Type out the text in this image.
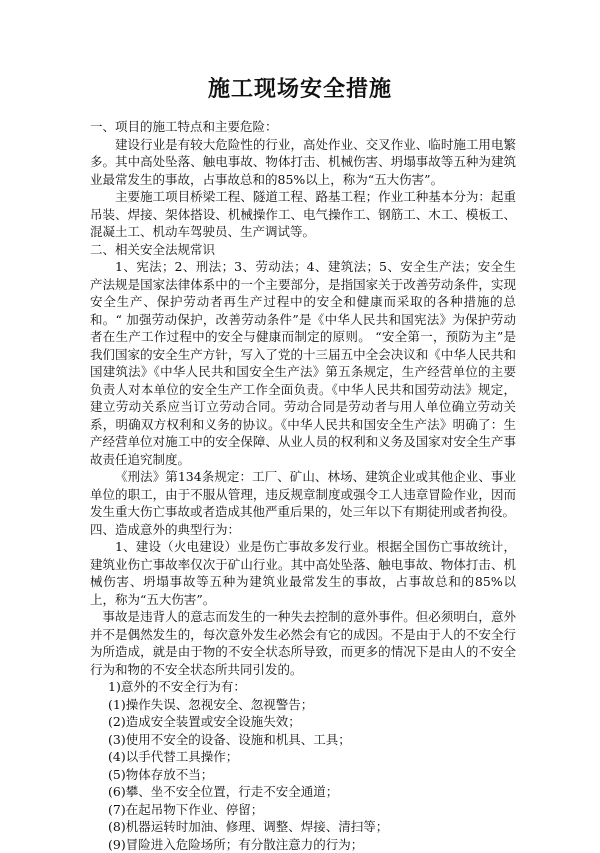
施工现场安全措施

一、项目的施工特点和主要危险：

建设行业是有较大危险性的行业，高处作业、交叉作业、临时施工用电繁多。其中高处坠落、触电事故、物体打击、机械伤害、坍塌事故等五种为建筑业最常发生的事故，占事故总和的85%以上，称为“五大伤害”。

主要施工项目桥梁工程、隧道工程、路基工程；作业工种基本分为：起重吊装、焊接、架体搭设、机械操作工、电气操作工、钢筋工、木工、模板工、混凝土工、机动车驾驶员、生产调试等。

二、相关安全法规常识

1、宪法；2、刑法；3、劳动法；4、建筑法；5、安全生产法；安全生产法规是国家法律体系中的一个主要部分，是指国家关于改善劳动条件，实现安全生产、保护劳动者再生产过程中的安全和健康而采取的各种措施的总和。“ 加强劳动保护，改善劳动条件”是《中华人民共和国宪法》为保护劳动者在生产工作过程中的安全与健康而制定的原则。 “安全第一，预防为主”是我们国家的安全生产方针，写入了党的十三届五中全会决议和《中华人民共和国建筑法》《中华人民共和国安全生产法》第五条规定，生产经营单位的主要负责人对本单位的安全生产工作全面负责。《中华人民共和国劳动法》规定，建立劳动关系应当订立劳动合同。劳动合同是劳动者与用人单位确立劳动关系，明确双方权利和义务的协议。《中华人民共和国安全生产法》明确了：生产经营单位对施工中的安全保障、从业人员的权利和义务及国家对安全生产事故责任追究制度。

《刑法》第134条规定：工厂、矿山、林场、建筑企业或其他企业、事业单位的职工，由于不服从管理，违反规章制度或强令工人违章冒险作业，因而发生重大伤亡事故或者造成其他严重后果的，处三年以下有期徒刑或者拘役。

四、造成意外的典型行为：

1、建设（火电建设）业是伤亡事故多发行业。根据全国伤亡事故统计，建筑业伤亡事故率仅次于矿山行业。其中高处坠落、触电事故、物体打击、机械伤害、坍塌事故等五种为建筑业最常发生的事故，占事故总和的85%以上，称为“五大伤害”。

事故是违背人的意志而发生的一种失去控制的意外事件。但必须明白，意外并不是偶然发生的，每次意外发生必然会有它的成因。不是由于人的不安全行为所造成，就是由于物的不安全状态所导致，而更多的情况下是由人的不安全行为和物的不安全状态所共同引发的。

1)意外的不安全行为有：

(1)操作失误、忽视安全、忽视警告；

(2)造成安全装置或安全设施失效；

(3)使用不安全的设备、设施和机具、工具；

(4)以手代替工具操作；

(5)物体存放不当；

(6)攀、坐不安全位置，行走不安全通道；

(7)在起吊物下作业、停留；

(8)机器运转时加油、修理、调整、焊接、清扫等；

(9)冒险进入危险场所；有分散注意力的行为；
